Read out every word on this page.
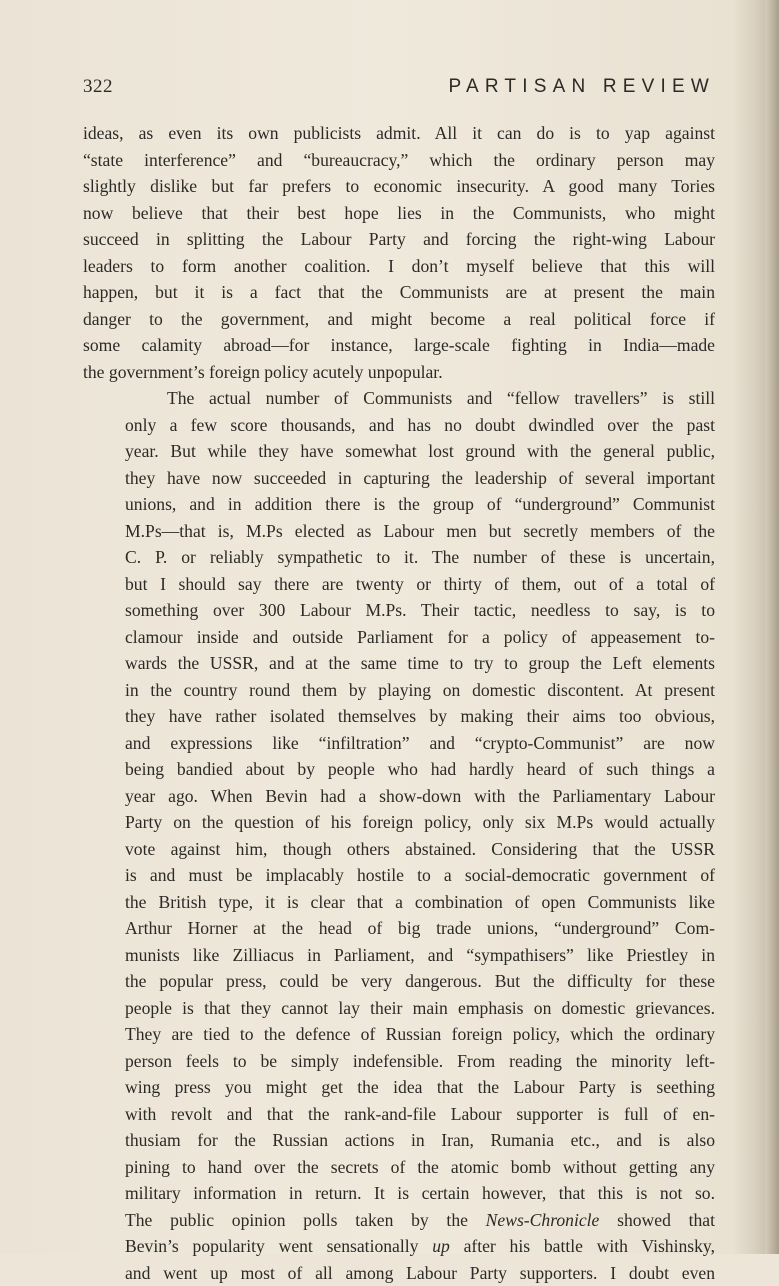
322	PARTISAN REVIEW

ideas, as even its own publicists admit. All it can do is to yap against
“state interference” and “bureaucracy,” which the ordinary person may
slightly dislike but far prefers to economic insecurity. A good many Tories
now believe that their best hope lies in the Communists, who might
succeed in splitting the Labour Party and forcing the right-wing Labour
leaders to form another coalition. I don’t myself believe that this will
happen, but it is a fact that the Communists are at present the main
danger to the government, and might become a real political force if
some calamity abroad—for instance, large-scale fighting in India—made
the government’s foreign policy acutely unpopular.

The actual number of Communists and “fellow travellers” is still
only a few score thousands, and has no doubt dwindled over the past
year. But while they have somewhat lost ground with the general public,
they have now succeeded in capturing the leadership of several important
unions, and in addition there is the group of “underground” Communist
M.Ps—that is, M.Ps elected as Labour men but secretly members of the
C. P. or reliably sympathetic to it. The number of these is uncertain,
but I should say there are twenty or thirty of them, out of a total of
something over 300 Labour M.Ps. Their tactic, needless to say, is to
clamour inside and outside Parliament for a policy of appeasement to-
wards the USSR, and at the same time to try to group the Left elements
in the country round them by playing on domestic discontent. At present
they have rather isolated themselves by making their aims too obvious,
and expressions like “infiltration” and “crypto-Communist” are now
being bandied about by people who had hardly heard of such things a
year ago. When Bevin had a show-down with the Parliamentary Labour
Party on the question of his foreign policy, only six M.Ps would actually
vote against him, though others abstained. Considering that the USSR
is and must be implacably hostile to a social-democratic government of
the British type, it is clear that a combination of open Communists like
Arthur Horner at the head of big trade unions, “underground” Com-
munists like Zilliacus in Parliament, and “sympathisers” like Priestley in
the popular press, could be very dangerous. But the difficulty for these
people is that they cannot lay their main emphasis on domestic grievances.
They are tied to the defence of Russian foreign policy, which the ordinary
person feels to be simply indefensible. From reading the minority left-
wing press you might get the idea that the Labour Party is seething
with revolt and that the rank-and-file Labour supporter is full of en-
thusiam for the Russian actions in Iran, Rumania etc., and is also
pining to hand over the secrets of the atomic bomb without getting any
military information in return. It is certain however, that this is not so.
The public opinion polls taken by the News-Chronicle showed that
Bevin’s popularity went sensationally up after his battle with Vishinsky,
and went up most of all among Labour Party supporters. I doubt even
